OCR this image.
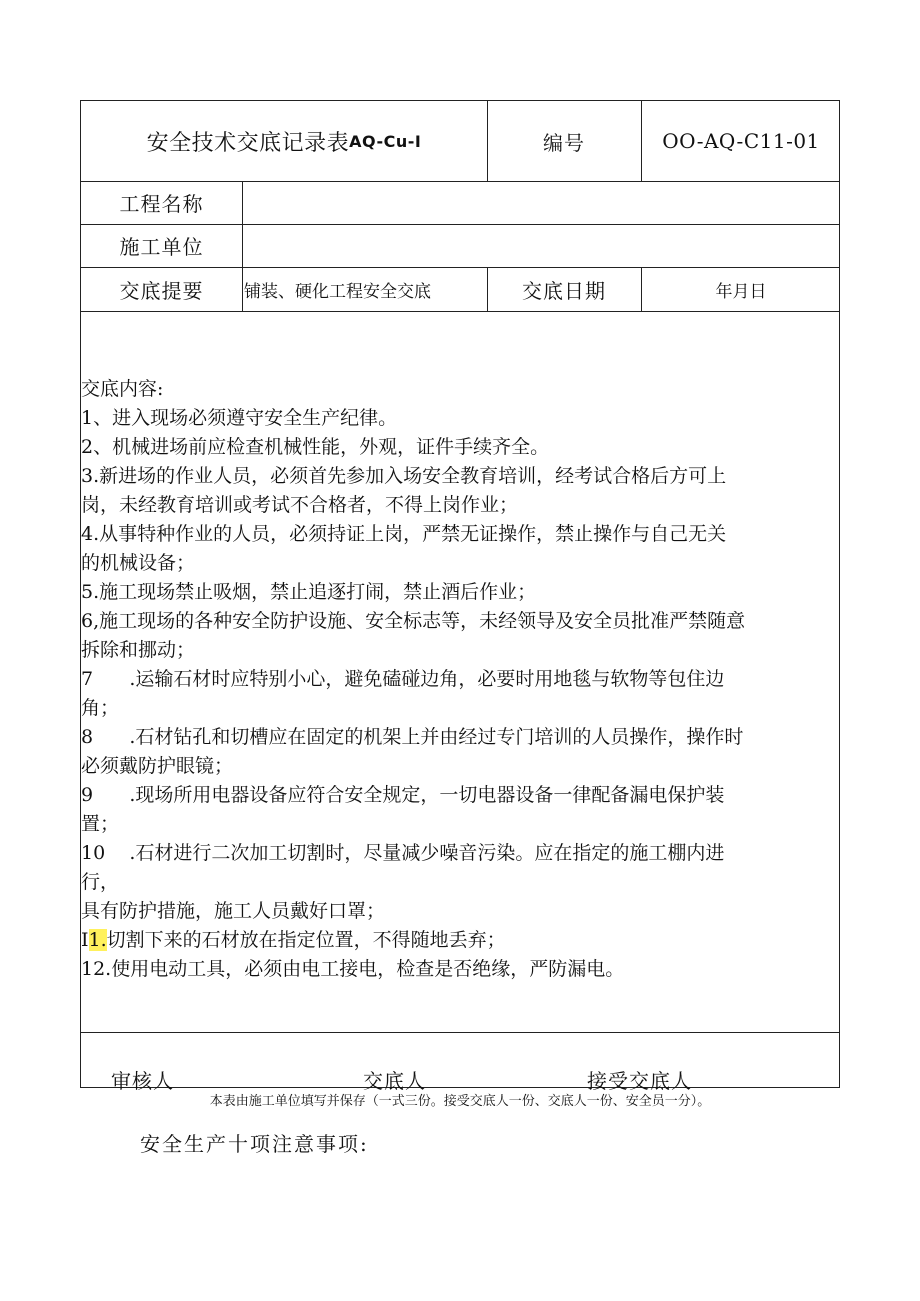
安全技术交底记录表 AQ-Cu-I	编号	OO-AQ-C11-01
工程名称
施工单位
交底提要	铺装、硬化工程安全交底	交底日期	年月日
交底内容:
1、进入现场必须遵守安全生产纪律。
2、机械进场前应检查机械性能，外观，证件手续齐全。
3.新进场的作业人员，必须首先参加入场安全教育培训，经考试合格后方可上
岗，未经教育培训或考试不合格者，不得上岗作业；
4.从事特种作业的人员，必须持证上岗，严禁无证操作，禁止操作与自己无关
的机械设备；
5.施工现场禁止吸烟，禁止追逐打闹，禁止酒后作业；
6,施工现场的各种安全防护设施、安全标志等，未经领导及安全员批准严禁随意
拆除和挪动；
7      .运输石材时应特别小心，避免磕碰边角，必要时用地毯与软物等包住边
角；
8      .石材钻孔和切槽应在固定的机架上并由经过专门培训的人员操作，操作时
必须戴防护眼镜；
9      .现场所用电器设备应符合安全规定，一切电器设备一律配备漏电保护装
置；
10    .石材进行二次加工切割时，尽量减少噪音污染。应在指定的施工棚内进
行，
具有防护措施，施工人员戴好口罩；
I1.切割下来的石材放在指定位置，不得随地丢弃；
12.使用电动工具，必须由电工接电，检查是否绝缘，严防漏电。
审核人	交底人	接受交底人
本表由施工单位填写并保存（一式三份。接受交底人一份、交底人一份、安全员一分）。
安全生产十项注意事项:
